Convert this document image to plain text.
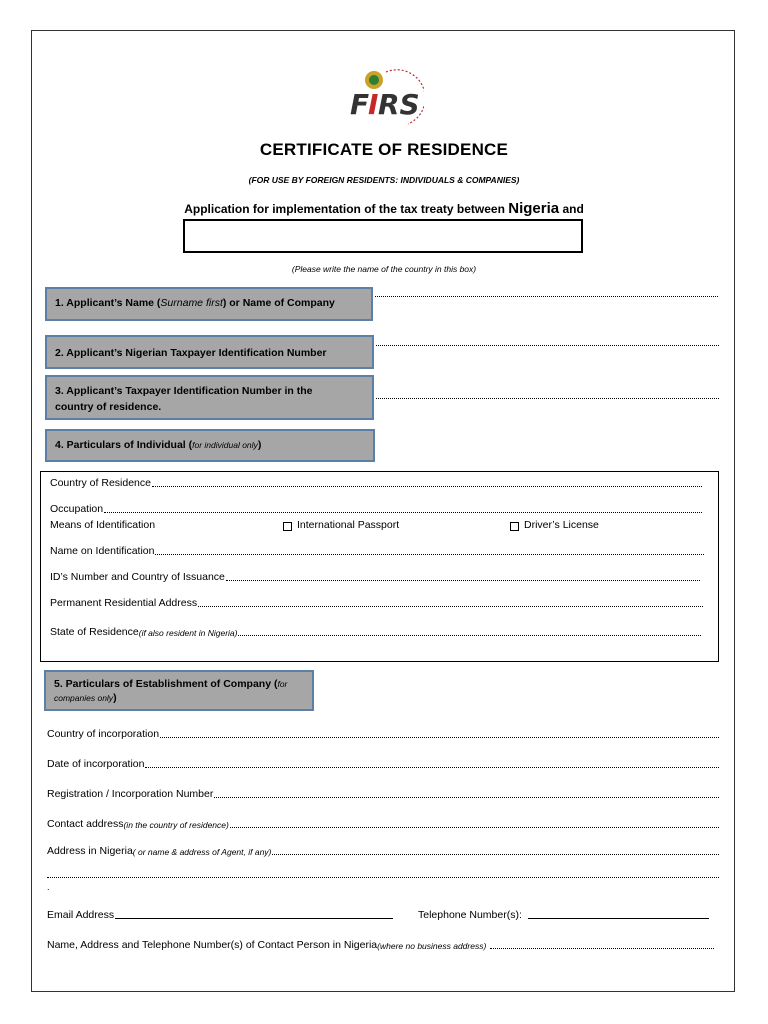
F
I RS
CERTIFICATE OF RESIDENCE
(FOR USE BY FOREIGN RESIDENTS: INDIVIDUALS & COMPANIES)
Application for implementation of the tax treaty between Nigeria and
(Please write the name of the country in this box)
1. Applicant’s Name (Surname first) or Name of Company
2. Applicant’s Nigerian Taxpayer Identification Number
3. Applicant’s Taxpayer Identification Number in the
country of residence.
4. Particulars of Individual (for individual only)
Country of Residence
Occupation
Means of Identification	International Passport	Driver’s License
Name on Identification
ID’s Number and Country of Issuance
Permanent Residential Address
State of Residence (if also resident in Nigeria)
5. Particulars of Establishment of Company (for
companies only)
Country of incorporation
Date of incorporation
Registration / Incorporation Number
Contact address (in the country of residence)
Address in Nigeria ( or name & address of Agent, if any)
.
Email Address	Telephone Number(s):
Name, Address and Telephone Number(s) of Contact Person in Nigeria (where no business address)
